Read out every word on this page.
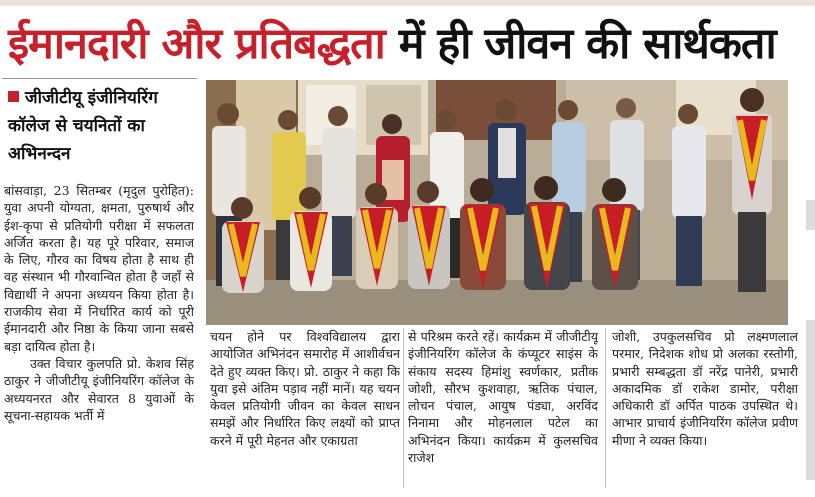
ईमानदारी और प्रतिबद्धता में ही जीवन की सार्थकता
जीजीटीयू इंजीनियरिंग कॉलेज से चयनितों का अभिनन्दन

बांसवाड़ा, 23 सितम्बर (मृदुल पुरोहित): युवा अपनी योग्यता, क्षमता, पुरुषार्थ और ईश-कृपा से प्रतियोगी परीक्षा में सफलता अर्जित करता है। यह पूरे परिवार, समाज के लिए, गौरव का विषय होता है साथ ही वह संस्थान भी गौरवान्वित होता है जहाँ से विद्यार्थी ने अपना अध्ययन किया होता है। राजकीय सेवा में निर्धारित कार्य को पूरी ईमानदारी और निष्ठा के किया जाना सबसे बड़ा दायित्व होता है।

उक्त विचार कुलपति प्रो. केशव सिंह ठाकुर ने जीजीटीयू इंजीनियरिंग कॉलेज के अध्ययनरत और सेवारत 8 युवाओं के सूचना-सहायक भर्ती में

चयन होने पर विश्वविद्यालय द्वारा आयोजित अभिनंदन समारोह में आशीर्वचन देते हुए व्यक्त किए। प्रो. ठाकुर ने कहा कि युवा इसे अंतिम पड़ाव नहीं मानें। यह चयन केवल प्रतियोगी जीवन का केवल साधन समझें और निर्धारित किए लक्ष्यों को प्राप्त करने में पूरी मेहनत और एकाग्रता

से परिश्रम करते रहें। कार्यक्रम में जीजीटीयू इंजीनियरिंग कॉलेज के कंप्यूटर साइंस के संकाय सदस्य हिमांशु स्वर्णकार, प्रतीक जोशी, सौरभ कुशवाहा, ऋतिक पंचाल, लोचन पंचाल, आयुष पंड्या, अरविंद निनामा और मोहनलाल पटेल का अभिनंदन किया। कार्यक्रम में कुलसचिव राजेश

जोशी, उपकुलसचिव प्रो लक्ष्मणलाल परमार, निदेशक शोध प्रो अलका रस्तोगी, प्रभारी सम्बद्धता डॉ नरेंद्र पानेरी, प्रभारी अकादमिक डॉ राकेश डामोर, परीक्षा अधिकारी डॉ अर्पित पाठक उपस्थित थे। आभार प्राचार्य इंजीनियरिंग कॉलेज प्रवीण मीणा ने व्यक्त किया।
